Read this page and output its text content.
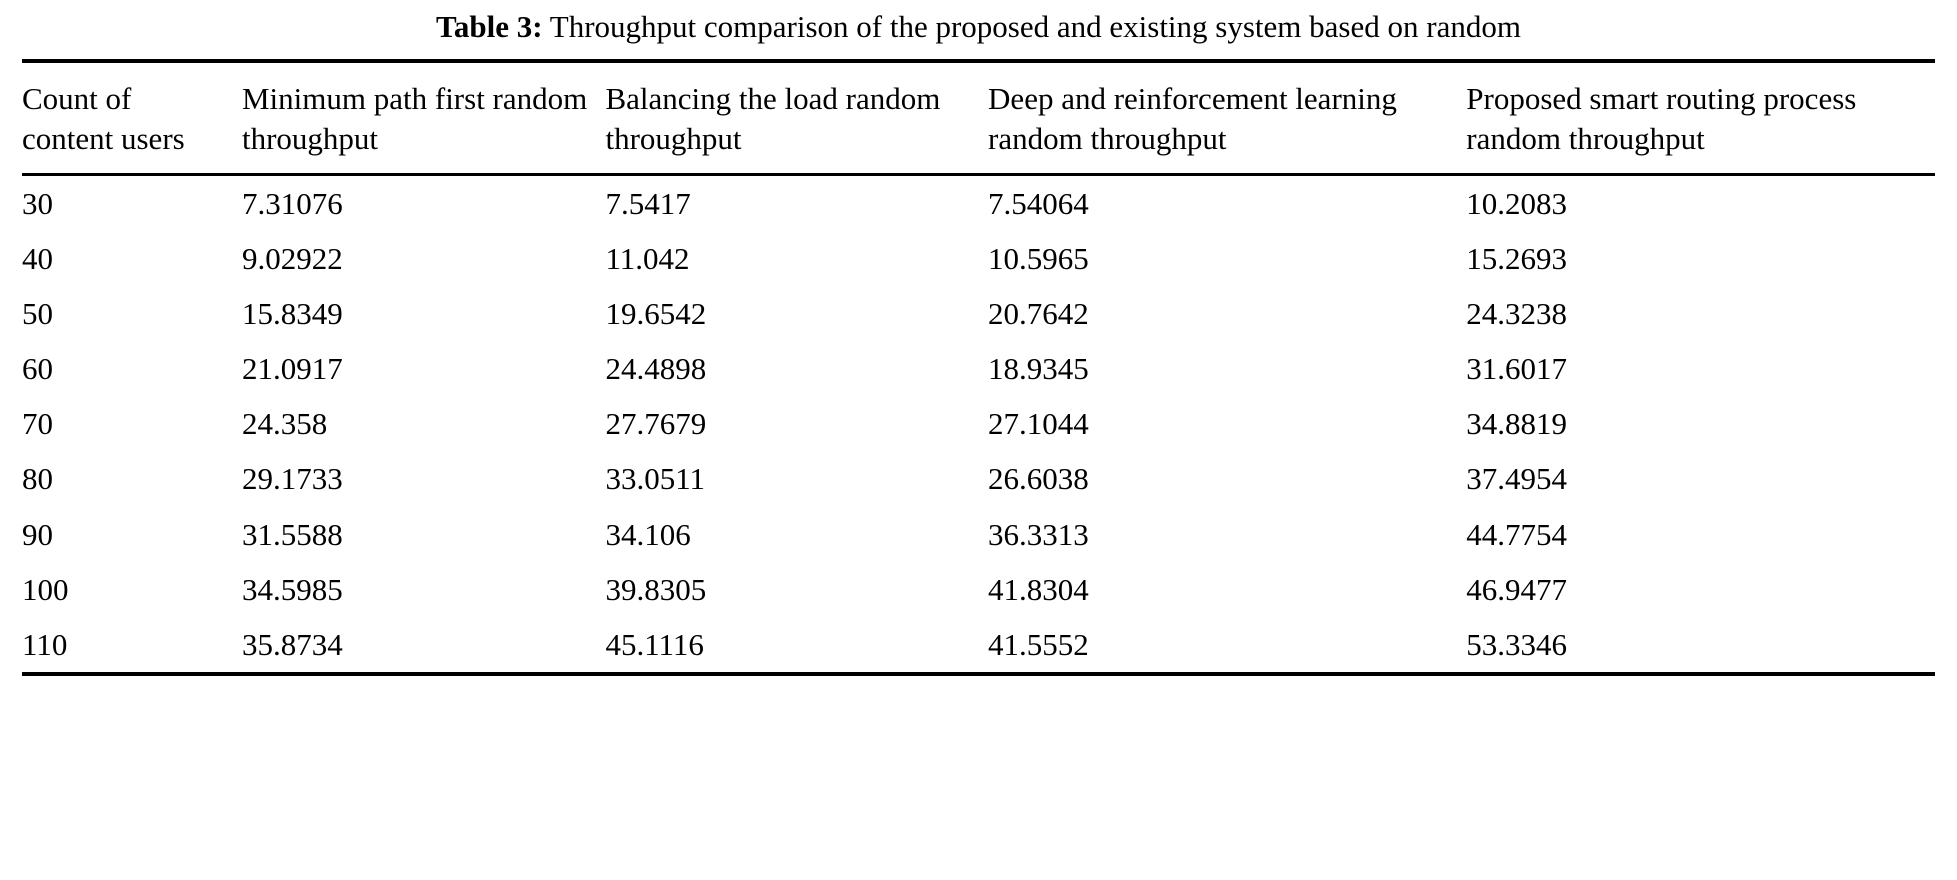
Table 3: Throughput comparison of the proposed and existing system based on random
Count of content users	Minimum path first random throughput	Balancing the load random throughput	Deep and reinforcement learning random throughput	Proposed smart routing process random throughput
30	7.31076	7.5417	7.54064	10.2083
40	9.02922	11.042	10.5965	15.2693
50	15.8349	19.6542	20.7642	24.3238
60	21.0917	24.4898	18.9345	31.6017
70	24.358	27.7679	27.1044	34.8819
80	29.1733	33.0511	26.6038	37.4954
90	31.5588	34.106	36.3313	44.7754
100	34.5985	39.8305	41.8304	46.9477
110	35.8734	45.1116	41.5552	53.3346
